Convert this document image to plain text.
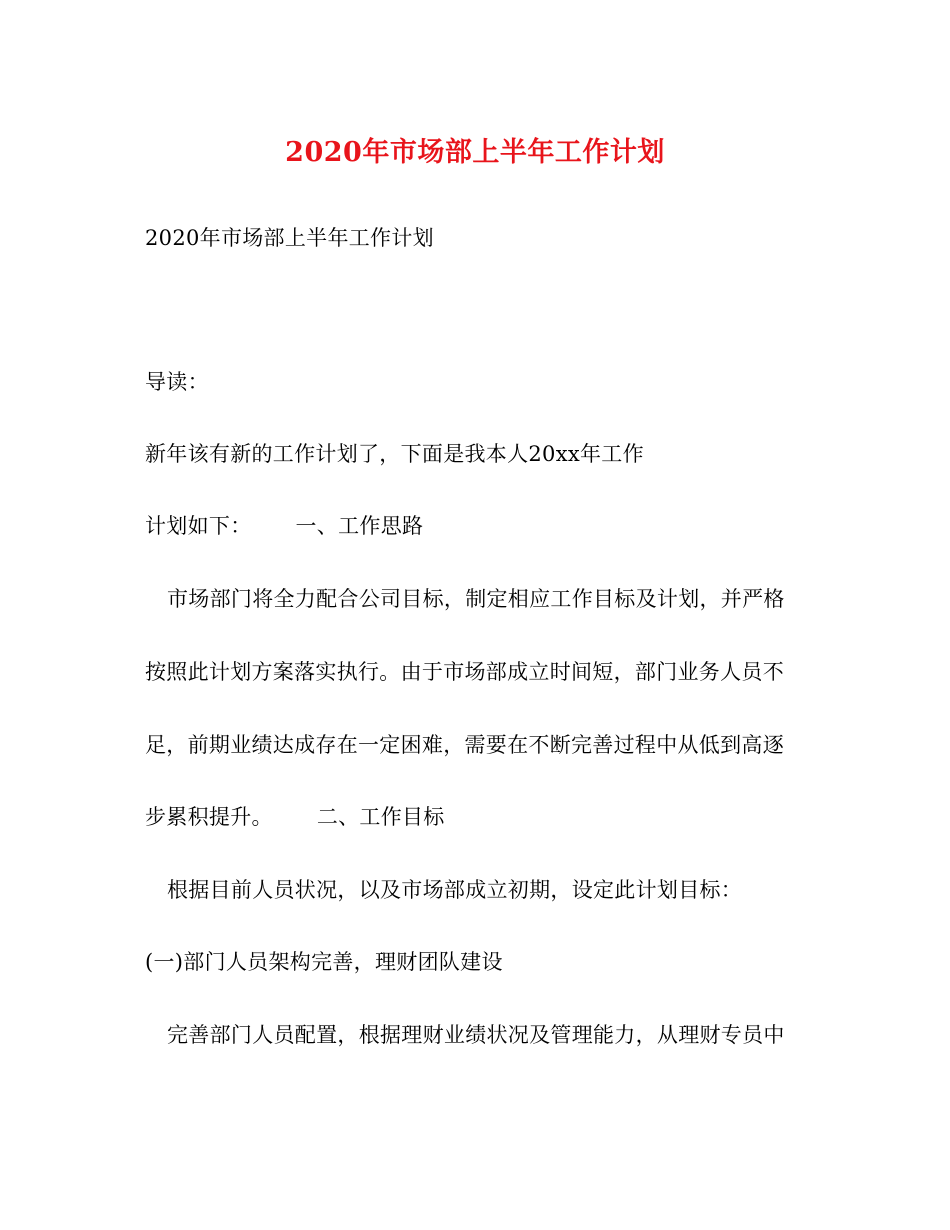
2020年市场部上半年工作计划
2020年市场部上半年工作计划
导读：
新年该有新的工作计划了，下面是我本人20xx年工作
计划如下： 一、工作思路
市场部门将全力配合公司目标，制定相应工作目标及计划，并严格
按照此计划方案落实执行。由于市场部成立时间短，部门业务人员不
足，前期业绩达成存在一定困难，需要在不断完善过程中从低到高逐
步累积提升。 二、工作目标
根据目前人员状况，以及市场部成立初期，设定此计划目标：
(一)部门人员架构完善，理财团队建设
完善部门人员配置，根据理财业绩状况及管理能力，从理财专员中
